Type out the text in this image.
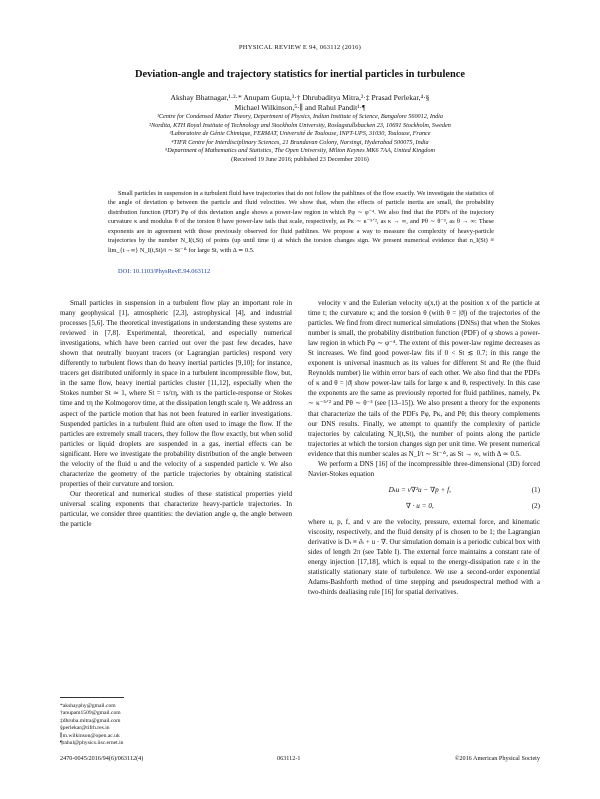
PHYSICAL REVIEW E 94, 063112 (2016)
Deviation-angle and trajectory statistics for inertial particles in turbulence
Akshay Bhatnagar,¹·²·* Anupam Gupta,³·† Dhrubaditya Mitra,²·‡ Prasad Perlekar,⁴·§
Michael Wilkinson,⁵·∥ and Rahul Pandit¹·¶
¹Centre for Condensed Matter Theory, Department of Physics, Indian Institute of Science, Bangalore 560012, India
²Nordita, KTH Royal Institute of Technology and Stockholm University, Roslagstullsbacken 23, 10691 Stockholm, Sweden
³Laboratoire de Génie Chimique, FERMAT, Université de Toulouse, INPT-UPS, 31030, Toulouse, France
⁴TIFR Centre for Interdisciplinary Sciences, 21 Brundavan Colony, Narsingi, Hyderabad 500075, India
⁵Department of Mathematics and Statistics, The Open University, Milton Keynes MK6 7AA, United Kingdom
(Received 19 June 2016; published 23 December 2016)

Small particles in suspension in a turbulent fluid have trajectories that do not follow the pathlines of the flow exactly. We investigate the statistics of the angle of deviation φ between the particle and fluid velocities. We show that, when the effects of particle inertia are small, the probability distribution function (PDF) Pφ of this deviation angle shows a power-law region in which Pφ ∼ φ⁻⁴. We also find that the PDFs of the trajectory curvature κ and modulus θ of the torsion θ have power-law tails that scale, respectively, as Pκ ∼ κ⁻⁵ᐟ², as κ → ∞, and Pθ ∼ θ⁻³, as θ → ∞: These exponents are in agreement with those previously observed for fluid pathlines. We propose a way to measure the complexity of heavy-particle trajectories by the number N_I(t,St) of points (up until time t) at which the torsion changes sign. We present numerical evidence that n_I(St) ≡ lim_{t→∞} N_I(t,St)/t ∼ St⁻ᐞ for large St, with Δ ≃ 0.5.

DOI: 10.1103/PhysRevE.94.063112

Small particles in suspension in a turbulent flow play an important role in many geophysical [1], atmospheric [2,3], astrophysical [4], and industrial processes [5,6]. The theoretical investigations in understanding these systems are reviewed in [7,8]. Experimental, theoretical, and especially numerical investigations, which have been carried out over the past few decades, have shown that neutrally buoyant tracers (or Lagrangian particles) respond very differently to turbulent flows than do heavy inertial particles [9,10]; for instance, tracers get distributed uniformly in space in a turbulent incompressible flow, but, in the same flow, heavy inertial particles cluster [11,12], especially when the Stokes number St ≃ 1, where St = τs/τη, with τs the particle-response or Stokes time and τη the Kolmogorov time, at the dissipation length scale η. We address an aspect of the particle motion that has not been featured in earlier investigations. Suspended particles in a turbulent fluid are often used to image the flow. If the particles are extremely small tracers, they follow the flow exactly, but when solid particles or liquid droplets are suspended in a gas, inertial effects can be significant. Here we investigate the probability distribution of the angle between the velocity of the fluid u and the velocity of a suspended particle v. We also characterize the geometry of the particle trajectories by obtaining statistical properties of their curvature and torsion.

Our theoretical and numerical studies of these statistical properties yield universal scaling exponents that characterize heavy-particle trajectories. In particular, we consider three quantities: the deviation angle φ, the angle between the particle

velocity v and the Eulerian velocity u(x,t) at the position x of the particle at time t; the curvature κ; and the torsion θ (with θ = |ϑ|) of the trajectories of the particles. We find from direct numerical simulations (DNSs) that when the Stokes number is small, the probability distribution function (PDF) of φ shows a power-law region in which Pφ ∼ φ⁻⁴. The extent of this power-law regime decreases as St increases. We find good power-law fits if 0 < St ≲ 0.7; in this range the exponent is universal inasmuch as its values for different St and Re (the fluid Reynolds number) lie within error bars of each other. We also find that the PDFs of κ and θ = |ϑ| show power-law tails for large κ and θ, respectively. In this case the exponents are the same as previously reported for fluid pathlines, namely, Pκ ∼ κ⁻⁵ᐟ² and Pθ ∼ θ⁻³ (see [13–15]). We also present a theory for the exponents that characterize the tails of the PDFs Pφ, Pκ, and Pθ; this theory complements our DNS results. Finally, we attempt to quantify the complexity of particle trajectories by calculating N_I(t,St), the number of points along the particle trajectories at which the torsion changes sign per unit time. We present numerical evidence that this number scales as N_I/t ∼ St⁻ᐞ, as St → ∞, with Δ ≃ 0.5.

We perform a DNS [16] of the incompressible three-dimensional (3D) forced Navier-Stokes equation

Dₜu = ν∇²u − ∇p + f,	(1)
∇ · u = 0,	(2)

where u, p, f, and ν are the velocity, pressure, external force, and kinematic viscosity, respectively, and the fluid density ρf is chosen to be 1; the Lagrangian derivative is Dₜ ≡ ∂ₜ + u · ∇. Our simulation domain is a periodic cubical box with sides of length 2π (see Table I). The external force maintains a constant rate of energy injection [17,18], which is equal to the energy-dissipation rate ε in the statistically stationary state of turbulence. We use a second-order exponential Adams-Bashforth method of time stepping and pseudospectral method with a two-thirds dealiasing rule [16] for spatial derivatives.

*akshayphy@gmail.com
†anupam1509@gmail.com
‡dhruba.mitra@gmail.com
§perlekar@tifrh.res.in
∥m.wilkinson@open.ac.uk
¶rahul@physics.iisc.ernet.in
2470-0045/2016/94(6)/063112(4)	063112-1	©2016 American Physical Society
